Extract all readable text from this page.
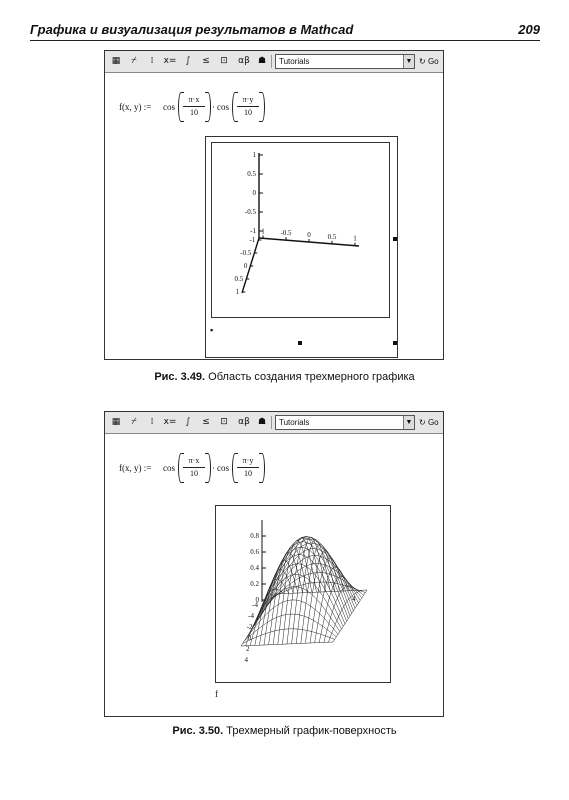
Графика и визуализация результатов в Mathcad	209
▦	⌿	⁞	x=	∫	≤	⊡	αβ ☗	Tutorials	▼ ↻ Go
f(x, y) := cos
π·x
10
· cos
π·y
10
1
0.5
0
-0.5
-1 1 -0.5 0 0.5 1
-1
-0.5
0
0.5
1
▪
Рис. 3.49. Область создания трехмерного графика
▦	⌿	⁞	x=	∫	≤	⊡	αβ ☗	Tutorials	▼ ↻ Go
f(x, y) := cos
π·x
10
· cos
π·y
10
0.8
0.6
0.4
0.2
0
-4
4
-4
-2
0
2
4
f
Рис. 3.50. Трехмерный график-поверхность
